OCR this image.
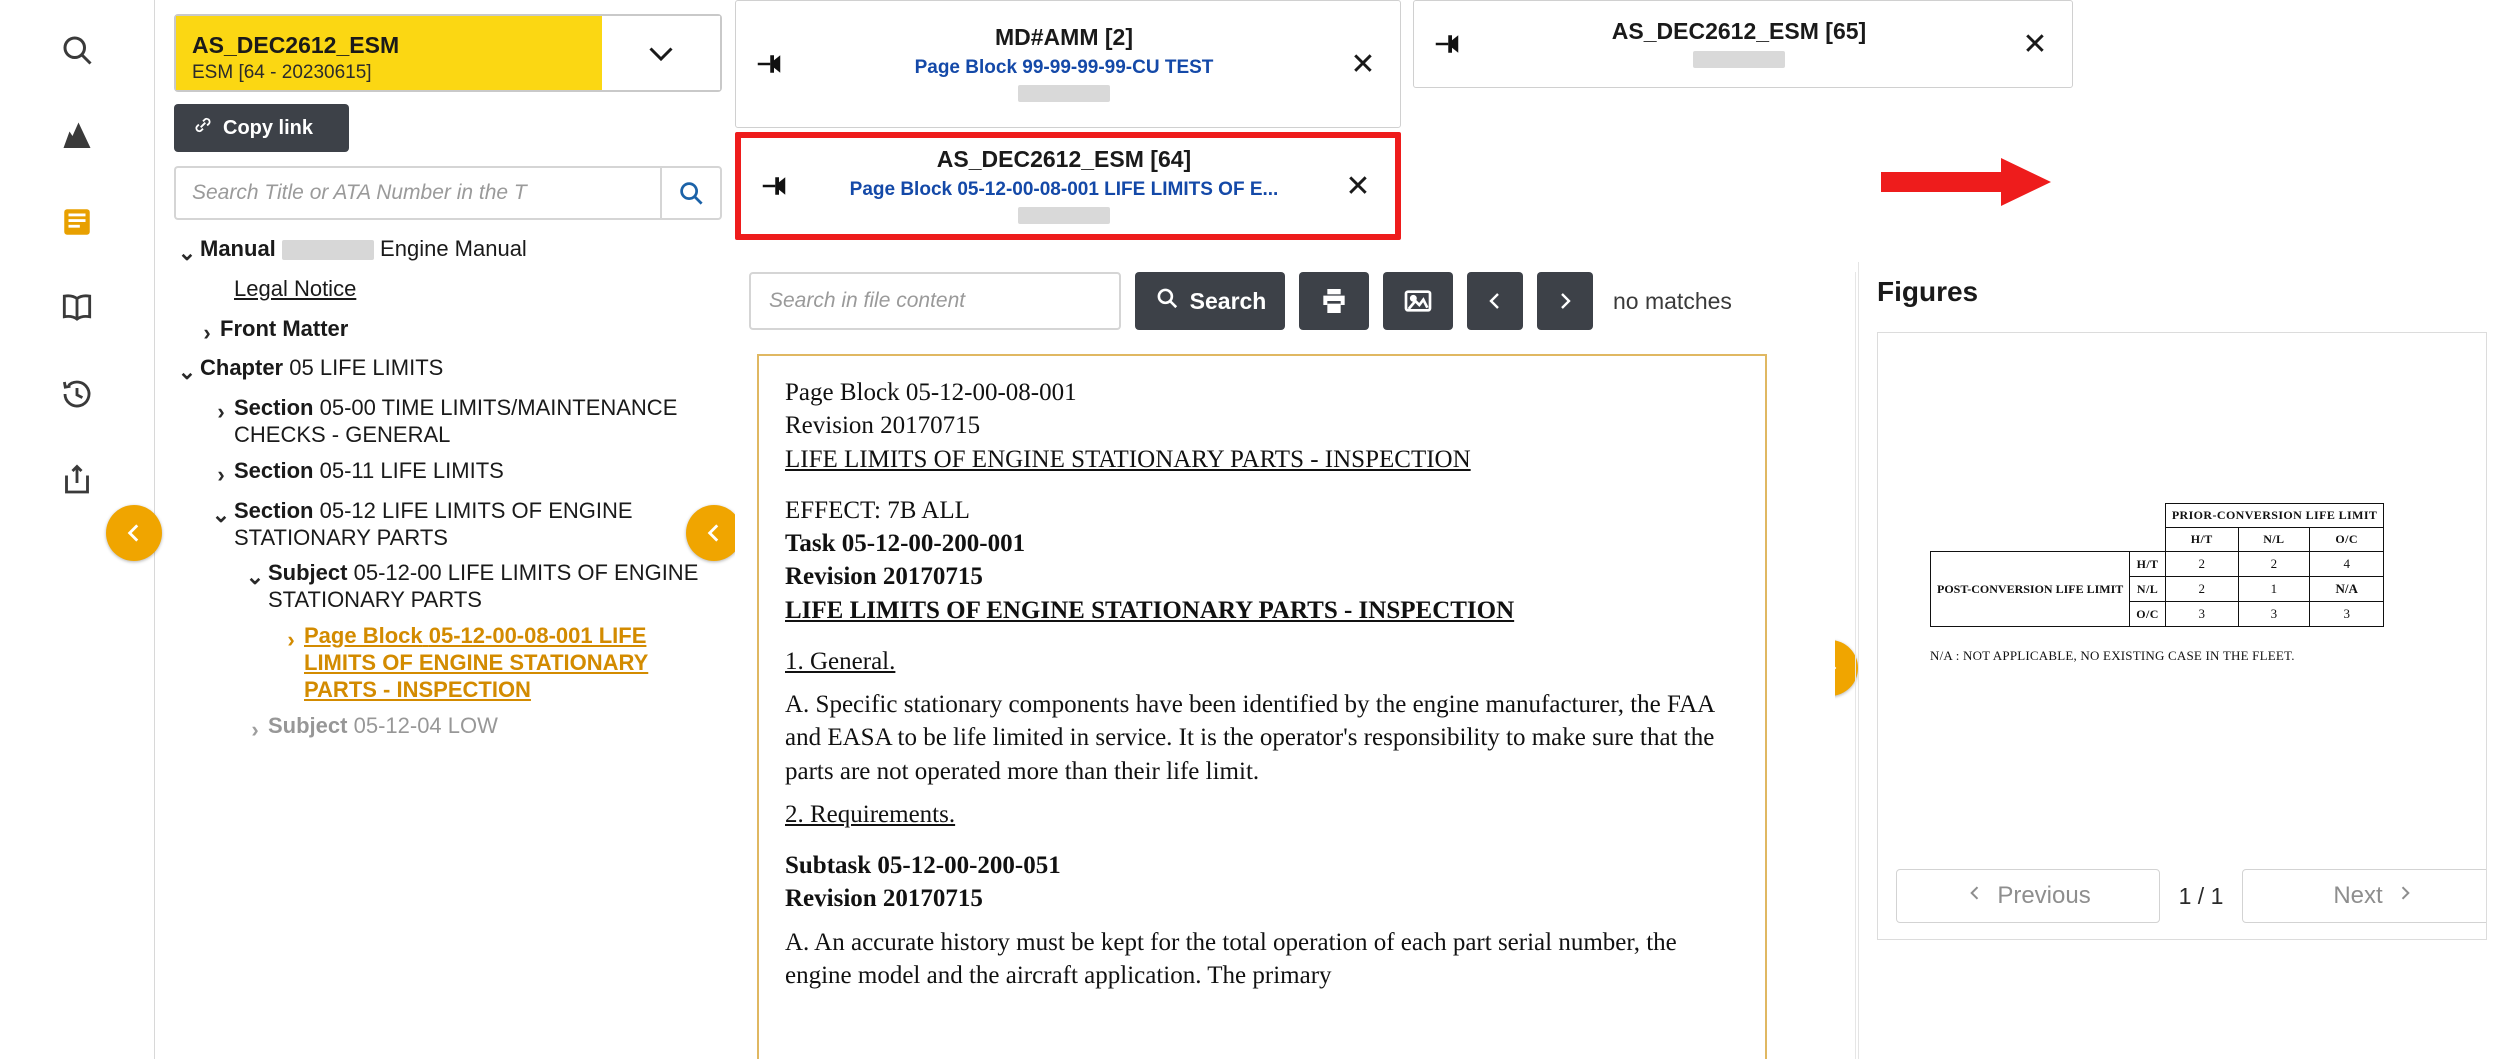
AS_DEC2612_ESM
ESM [64 - 20230615]
Copy link
Search Title or ATA Number in the T
⌄ Manual	Engine Manual
Legal Notice
› Front Matter
⌄ Chapter 05 LIFE LIMITS
› Section 05-00 TIME LIMITS/MAINTENANCE CHECKS - GENERAL
› Section 05-11 LIFE LIMITS
⌄ Section 05-12 LIFE LIMITS OF ENGINE STATIONARY PARTS
⌄ Subject 05-12-00 LIFE LIMITS OF ENGINE STATIONARY PARTS
› Page Block 05-12-00-08-001 LIFE LIMITS OF ENGINE STATIONARY PARTS - INSPECTION
› Subject 05-12-04 LOW
MD#AMM [2]
Page Block 99-99-99-99-CU TEST	✕
AS_DEC2612_ESM [65]	✕
AS_DEC2612_ESM [64]
Page Block 05-12-00-08-001 LIFE LIMITS OF E...	✕
Search in file content	Search	no matches

Page Block 05-12-00-08-001

Revision 20170715

LIFE LIMITS OF ENGINE STATIONARY PARTS - INSPECTION

EFFECT: 7B ALL

Task 05-12-00-200-001

Revision 20170715

LIFE LIMITS OF ENGINE STATIONARY PARTS - INSPECTION

1. General.

A. Specific stationary components have been identified by the engine manufacturer, the FAA and EASA to be life limited in service. It is the operator's responsibility to make sure that the parts are not operated more than their life limit.

2. Requirements.

Subtask 05-12-00-200-051

Revision 20170715

A. An accurate history must be kept for the total operation of each part serial number, the engine model and the aircraft application. The primary

Figures
		PRIOR-CONVERSION LIFE LIMIT		
		H/T	N/L	O/C
POST-CONVERSION LIFE LIMIT	H/T	2	2	4
	N/L	2	1	N/A
	O/C	3	3	3
N/A : NOT APPLICABLE, NO EXISTING CASE IN THE FLEET.
Previous	1 / 1	Next
